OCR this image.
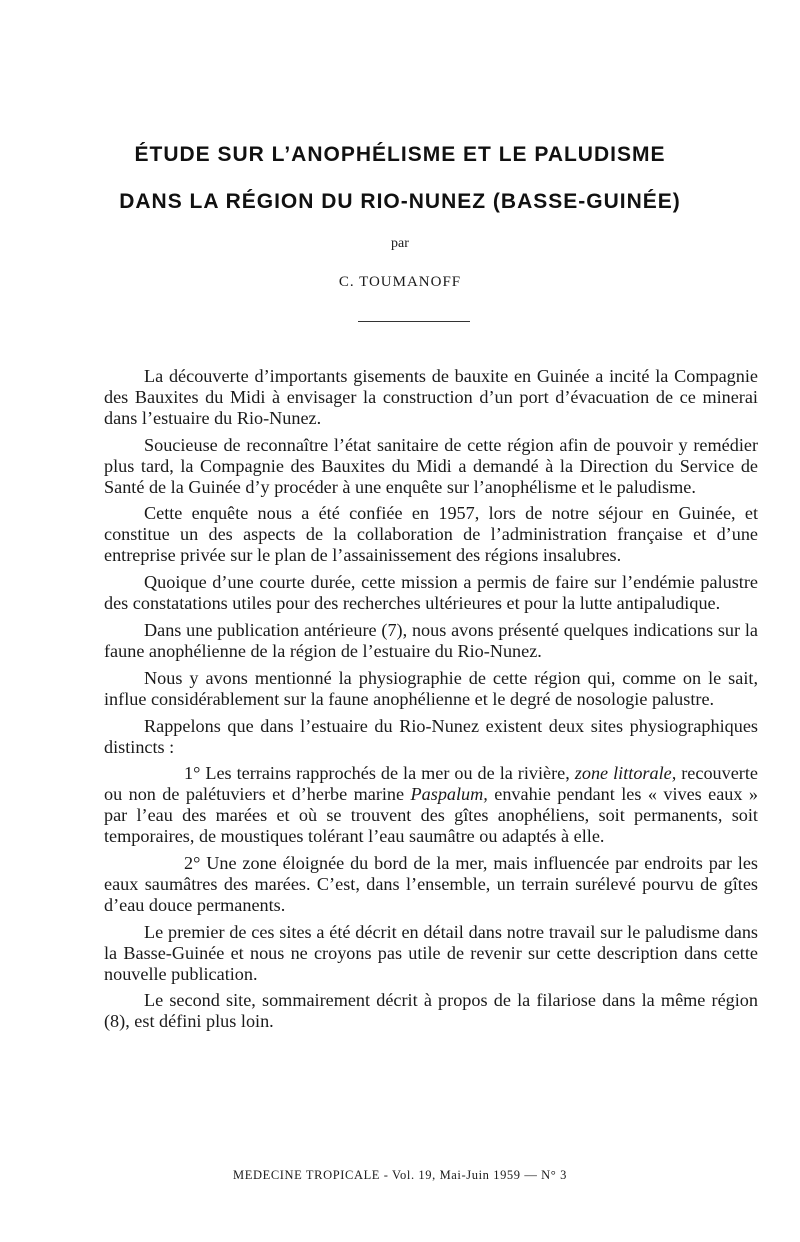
ÉTUDE SUR L’ANOPHÉLISME ET LE PALUDISME
DANS LA RÉGION DU RIO-NUNEZ (BASSE-GUINÉE)
par
C. TOUMANOFF

La découverte d’importants gisements de bauxite en Guinée a incité la Compagnie des Bauxites du Midi à envisager la construction d’un port d’évacuation de ce minerai dans l’estuaire du Rio-Nunez.

Soucieuse de reconnaître l’état sanitaire de cette région afin de pouvoir y remédier plus tard, la Compagnie des Bauxites du Midi a demandé à la Direction du Service de Santé de la Guinée d’y procéder à une enquête sur l’anophélisme et le paludisme.

Cette enquête nous a été confiée en 1957, lors de notre séjour en Guinée, et constitue un des aspects de la collaboration de l’administration française et d’une entreprise privée sur le plan de l’assainissement des régions insalubres.

Quoique d’une courte durée, cette mission a permis de faire sur l’endémie palustre des constatations utiles pour des recherches ultérieures et pour la lutte antipaludique.

Dans une publication antérieure (7), nous avons présenté quelques indications sur la faune anophélienne de la région de l’estuaire du Rio-Nunez.

Nous y avons mentionné la physiographie de cette région qui, comme on le sait, influe considérablement sur la faune anophélienne et le degré de nosologie palustre.

Rappelons que dans l’estuaire du Rio-Nunez existent deux sites physiographiques distincts :

1° Les terrains rapprochés de la mer ou de la rivière, zone littorale, recouverte ou non de palétuviers et d’herbe marine Paspalum, envahie pendant les « vives eaux » par l’eau des marées et où se trouvent des gîtes anophéliens, soit permanents, soit temporaires, de moustiques tolérant l’eau saumâtre ou adaptés à elle.

2° Une zone éloignée du bord de la mer, mais influencée par endroits par les eaux saumâtres des marées. C’est, dans l’ensemble, un terrain surélevé pourvu de gîtes d’eau douce permanents.

Le premier de ces sites a été décrit en détail dans notre travail sur le paludisme dans la Basse-Guinée et nous ne croyons pas utile de revenir sur cette description dans cette nouvelle publication.

Le second site, sommairement décrit à propos de la filariose dans la même région (8), est défini plus loin.

MEDECINE TROPICALE - Vol. 19, Mai-Juin 1959 — N° 3
